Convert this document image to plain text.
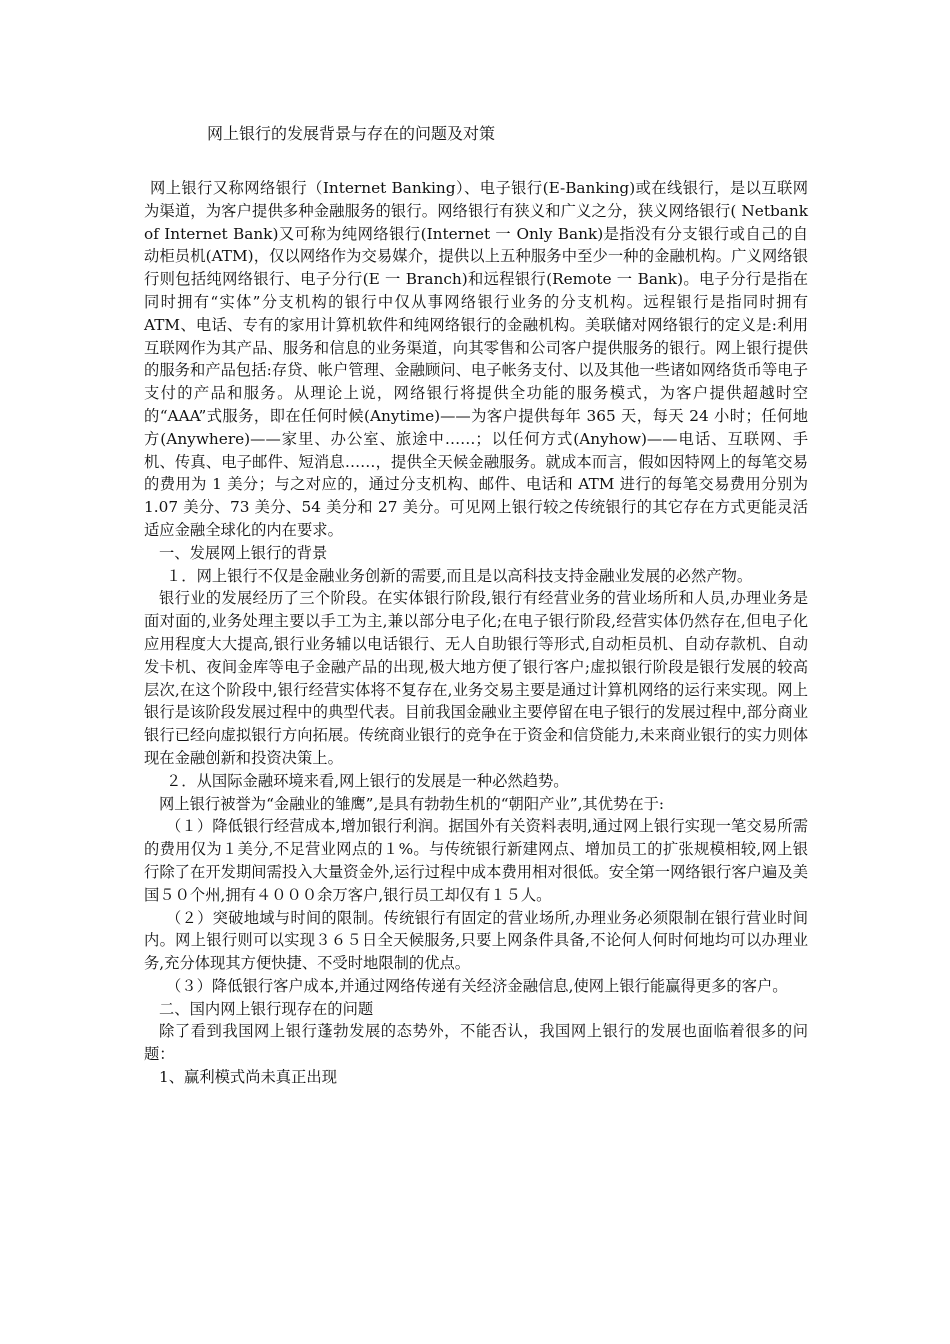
网上银行的发展背景与存在的问题及对策

网上银行又称网络银行（Internet Banking）、电子银行(E-Banking)或在线银行，是以互联网为渠道，为客户提供多种金融服务的银行。网络银行有狭义和广义之分，狭义网络银行( Netbank of Internet Bank)又可称为纯网络银行(Internet 一 Only Bank)是指没有分支银行或自己的自动柜员机(ATM)，仅以网络作为交易媒介，提供以上五种服务中至少一种的金融机构。广义网络银行则包括纯网络银行、电子分行(E 一 Branch)和远程银行(Remote 一 Bank)。电子分行是指在同时拥有“实体”分支机构的银行中仅从事网络银行业务的分支机构。远程银行是指同时拥有 ATM、电话、专有的家用计算机软件和纯网络银行的金融机构。美联储对网络银行的定义是:利用互联网作为其产品、服务和信息的业务渠道，向其零售和公司客户提供服务的银行。网上银行提供的服务和产品包括:存贷、帐户管理、金融顾问、电子帐务支付、以及其他一些诸如网络货币等电子支付的产品和服务。从理论上说，网络银行将提供全功能的服务模式，为客户提供超越时空的“AAA”式服务，即在任何时候(Anytime)——为客户提供每年 365 天，每天 24 小时；任何地方(Anywhere)——家里、办公室、旅途中……；以任何方式(Anyhow)——电话、互联网、手机、传真、电子邮件、短消息……，提供全天候金融服务。就成本而言，假如因特网上的每笔交易的费用为 1 美分；与之对应的，通过分支机构、邮件、电话和 ATM 进行的每笔交易费用分别为 1.07 美分、73 美分、54 美分和 27 美分。可见网上银行较之传统银行的其它存在方式更能灵活适应金融全球化的内在要求。

一、发展网上银行的背景

１．网上银行不仅是金融业务创新的需要,而且是以高科技支持金融业发展的必然产物。

银行业的发展经历了三个阶段。在实体银行阶段,银行有经营业务的营业场所和人员,办理业务是面对面的,业务处理主要以手工为主,兼以部分电子化;在电子银行阶段,经营实体仍然存在,但电子化应用程度大大提高,银行业务辅以电话银行、无人自助银行等形式,自动柜员机、自动存款机、自动发卡机、夜间金库等电子金融产品的出现,极大地方便了银行客户;虚拟银行阶段是银行发展的较高层次,在这个阶段中,银行经营实体将不复存在,业务交易主要是通过计算机网络的运行来实现。网上银行是该阶段发展过程中的典型代表。目前我国金融业主要停留在电子银行的发展过程中,部分商业银行已经向虚拟银行方向拓展。传统商业银行的竞争在于资金和信贷能力,未来商业银行的实力则体现在金融创新和投资决策上。

２．从国际金融环境来看,网上银行的发展是一种必然趋势。

网上银行被誉为“金融业的雏鹰”,是具有勃勃生机的“朝阳产业”,其优势在于:

（１）降低银行经营成本,增加银行利润。据国外有关资料表明,通过网上银行实现一笔交易所需的费用仅为１美分,不足营业网点的１%。与传统银行新建网点、增加员工的扩张规模相较,网上银行除了在开发期间需投入大量资金外,运行过程中成本费用相对很低。安全第一网络银行客户遍及美国５０个州,拥有４０００余万客户,银行员工却仅有１５人。

（２）突破地域与时间的限制。传统银行有固定的营业场所,办理业务必须限制在银行营业时间内。网上银行则可以实现３６５日全天候服务,只要上网条件具备,不论何人何时何地均可以办理业务,充分体现其方便快捷、不受时地限制的优点。

（３）降低银行客户成本,并通过网络传递有关经济金融信息,使网上银行能赢得更多的客户。

二、国内网上银行现存在的问题

除了看到我国网上银行蓬勃发展的态势外，不能否认，我国网上银行的发展也面临着很多的问题：

1、赢利模式尚未真正出现
